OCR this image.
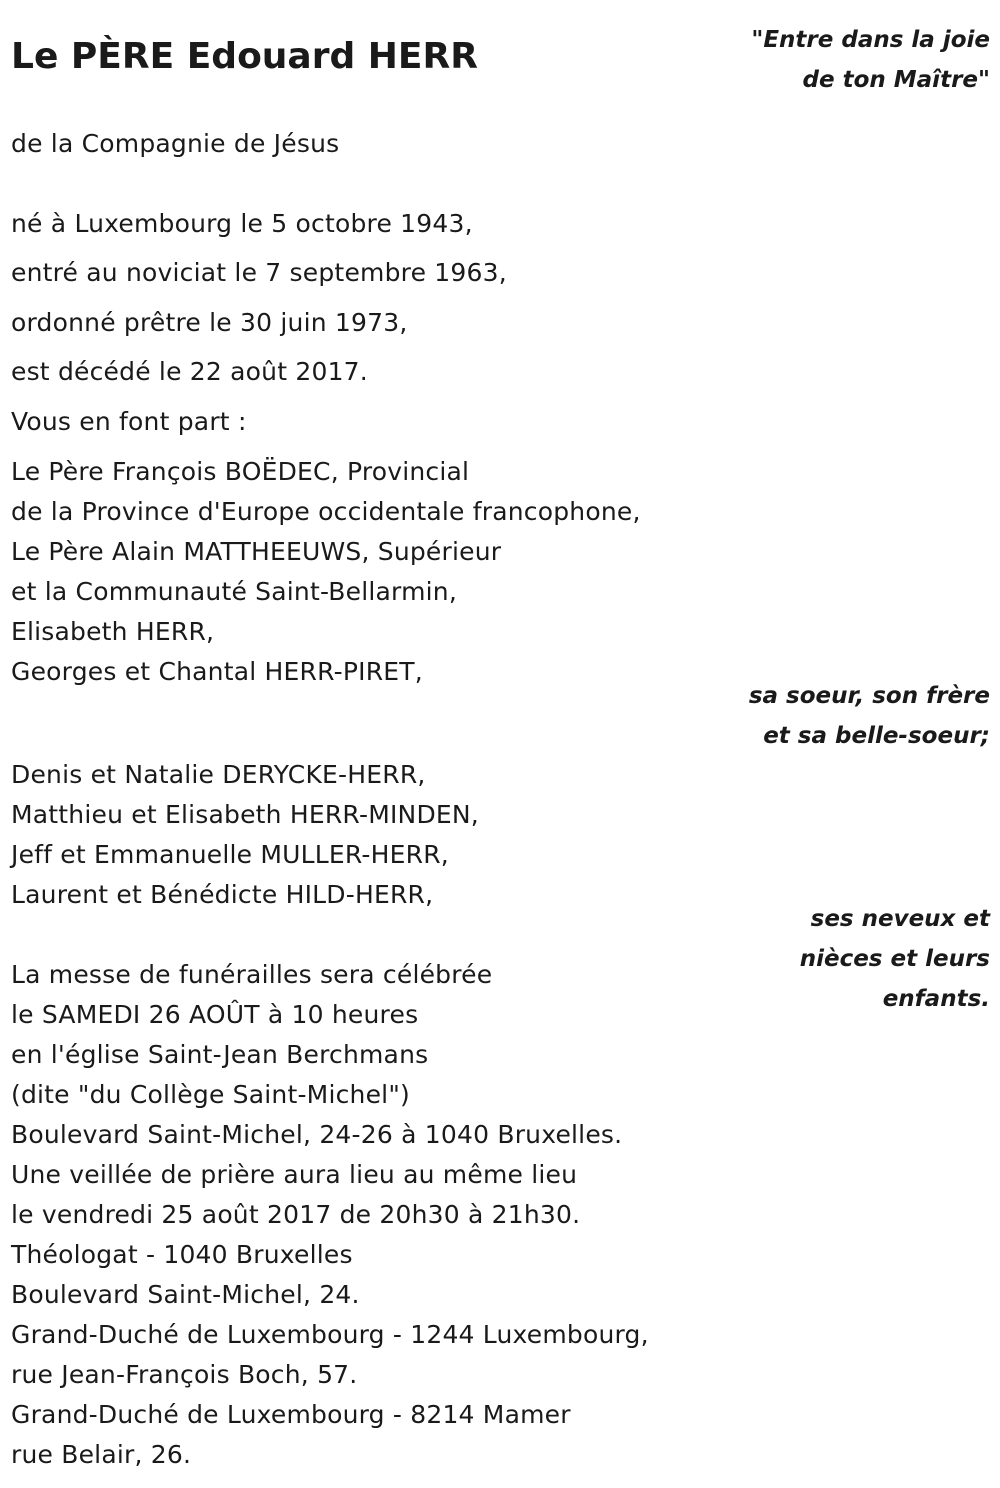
Le PÈRE Edouard HERR	"Entre dans la joie
de ton Maître"
de la Compagnie de Jésus
né à Luxembourg le 5 octobre 1943,
entré au noviciat le 7 septembre 1963,
ordonné prêtre le 30 juin 1973,
est décédé le 22 août 2017.
Vous en font part :
Le Père François BOËDEC, Provincial
de la Province d'Europe occidentale francophone,
Le Père Alain MATTHEEUWS, Supérieur
et la Communauté Saint-Bellarmin,
Elisabeth HERR,
Georges et Chantal HERR-PIRET,
sa soeur, son frère
et sa belle-soeur;
Denis et Natalie DERYCKE-HERR,
Matthieu et Elisabeth HERR-MINDEN,
Jeff et Emmanuelle MULLER-HERR,
Laurent et Bénédicte HILD-HERR,
ses neveux et
nièces et leurs
enfants.
La messe de funérailles sera célébrée
le SAMEDI 26 AOÛT à 10 heures
en l'église Saint-Jean Berchmans
(dite "du Collège Saint-Michel")
Boulevard Saint-Michel, 24-26 à 1040 Bruxelles.
Une veillée de prière aura lieu au même lieu
le vendredi 25 août 2017 de 20h30 à 21h30.
Théologat - 1040 Bruxelles
Boulevard Saint-Michel, 24.
Grand-Duché de Luxembourg - 1244 Luxembourg,
rue Jean-François Boch, 57.
Grand-Duché de Luxembourg - 8214 Mamer
rue Belair, 26.
